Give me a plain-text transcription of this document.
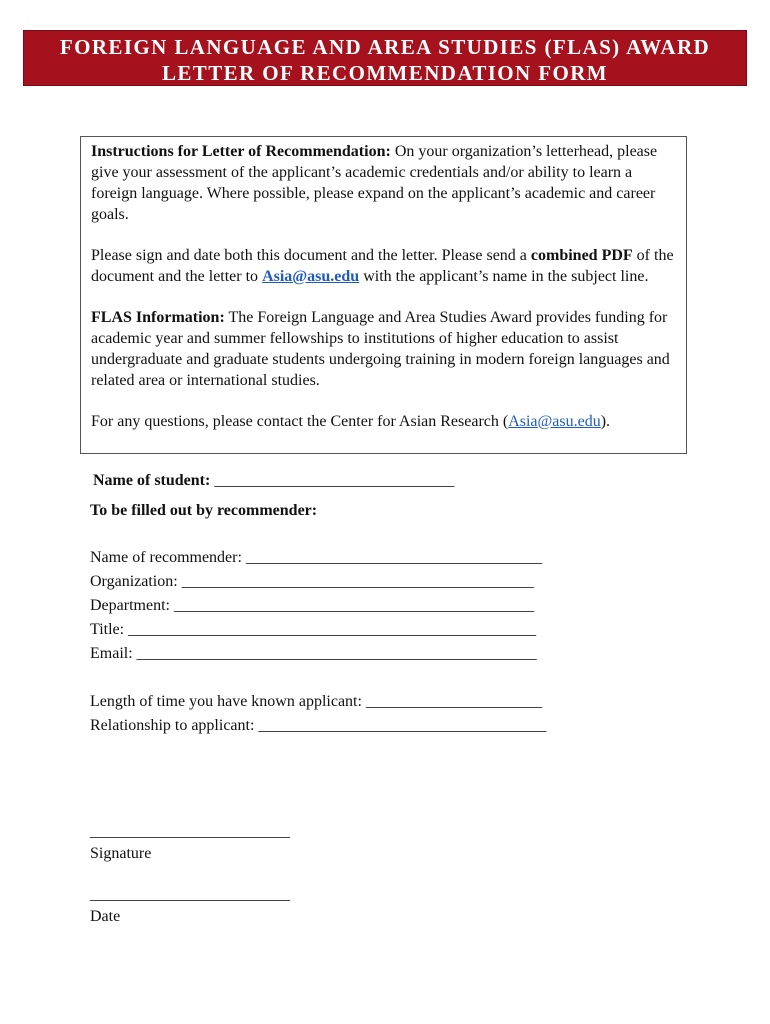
FOREIGN LANGUAGE AND AREA STUDIES (FLAS) AWARD
LETTER OF RECOMMENDATION FORM

Instructions for Letter of Recommendation: On your organization’s letterhead, please give your assessment of the applicant’s academic credentials and/or ability to learn a foreign language. Where possible, please expand on the applicant’s academic and career goals.

Please sign and date both this document and the letter. Please send a combined PDF of the document and the letter to Asia@asu.edu with the applicant’s name in the subject line.

FLAS Information: The Foreign Language and Area Studies Award provides funding for academic year and summer fellowships to institutions of higher education to assist undergraduate and graduate students undergoing training in modern foreign languages and related area or international studies.

For any questions, please contact the Center for Asian Research (Asia@asu.edu).

Name of student: ______________________________
To be filled out by recommender:
Name of recommender: _____________________________________
Organization: ____________________________________________
Department: _____________________________________________
Title: ___________________________________________________
Email: __________________________________________________
Length of time you have known applicant: ______________________
Relationship to applicant: ____________________________________
_________________________
Signature
_________________________
Date
